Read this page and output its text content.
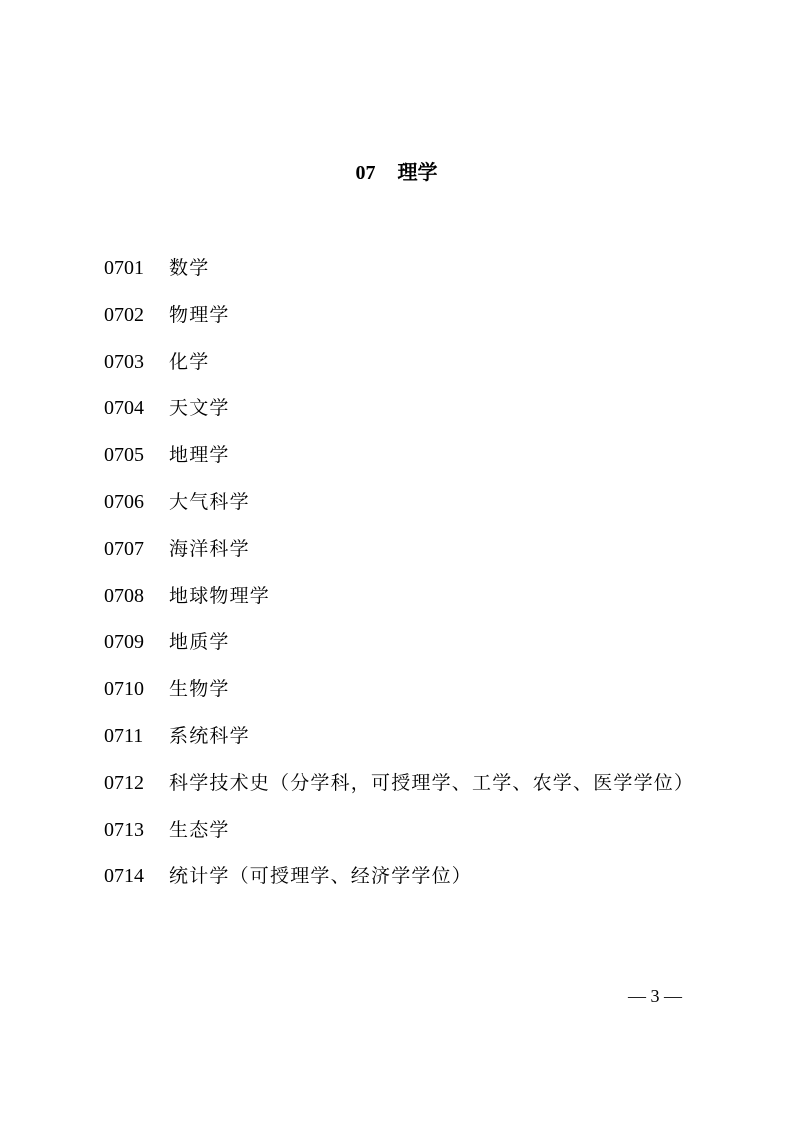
07 理学
0701	数学
0702	物理学
0703	化学
0704	天文学
0705	地理学
0706	大气科学
0707	海洋科学
0708	地球物理学
0709	地质学
0710	生物学
0711	系统科学
0712	科学技术史（分学科，可授理学、工学、农学、医学学位）
0713	生态学
0714	统计学（可授理学、经济学学位）
— 3 —
